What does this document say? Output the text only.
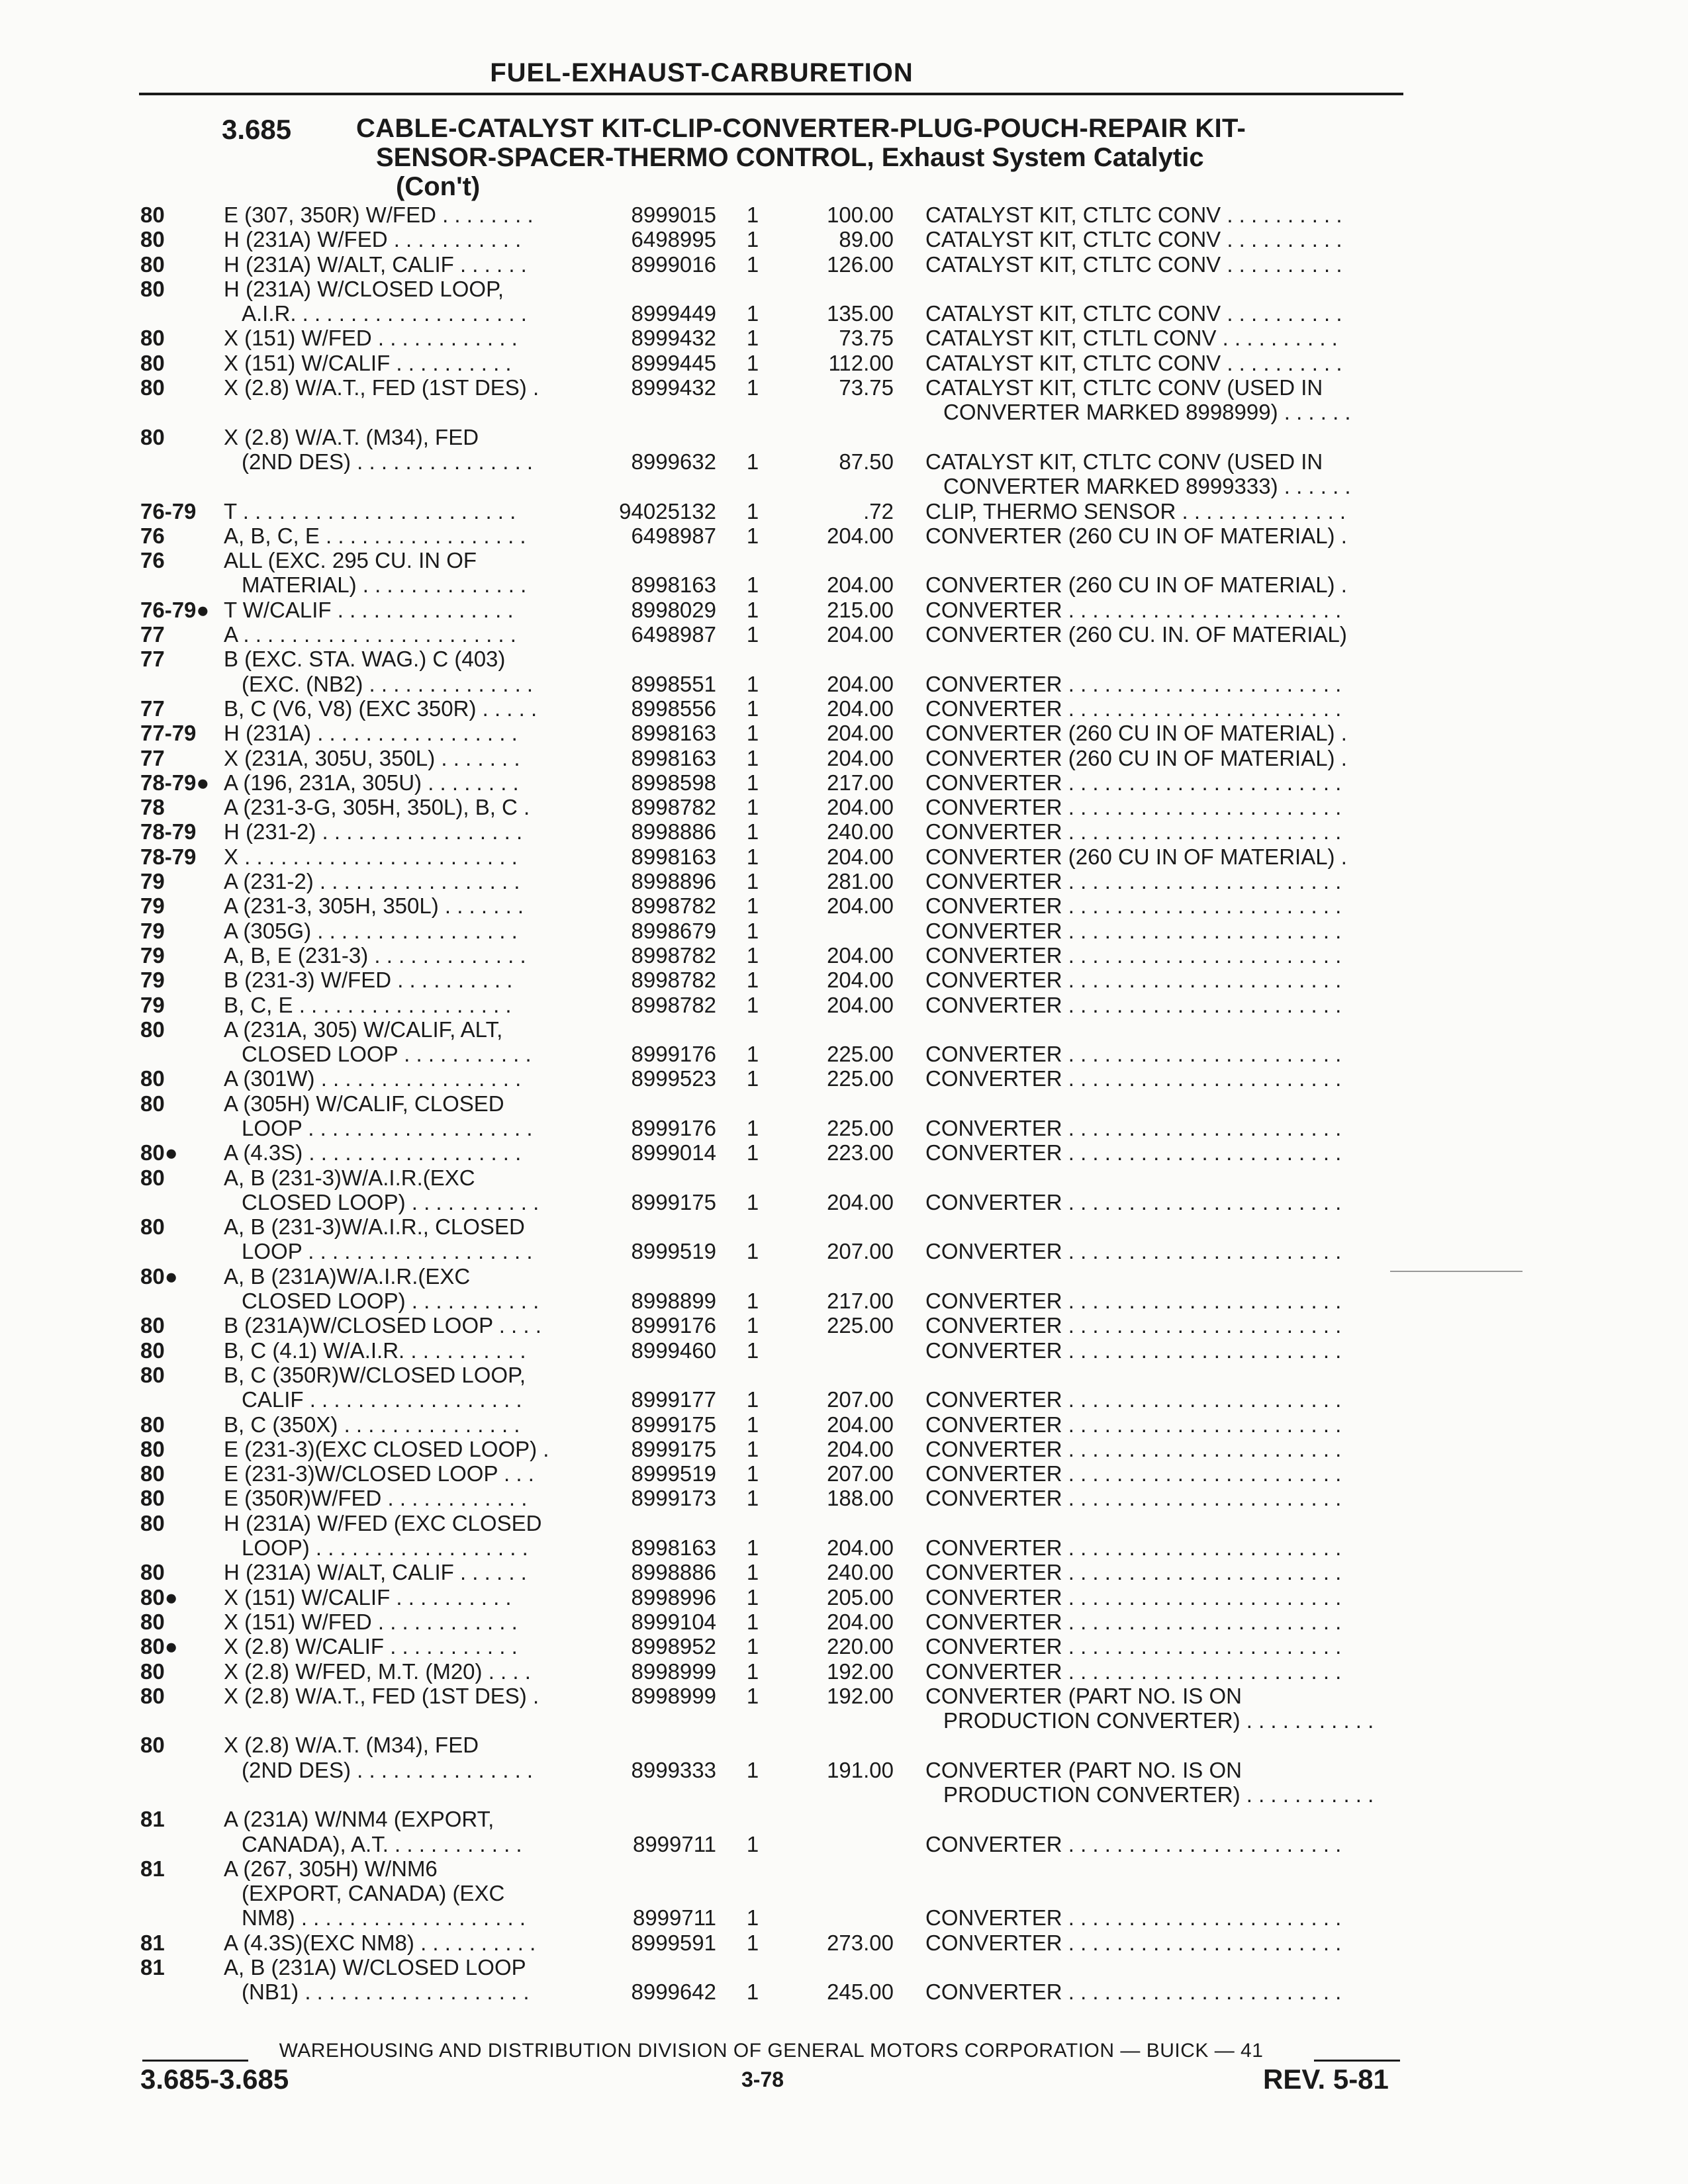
FUEL-EXHAUST-CARBURETION
3.685 CABLE-CATALYST KIT-CLIP-CONVERTER-PLUG-POUCH-REPAIR KIT-
SENSOR-SPACER-THERMO CONTROL, Exhaust System Catalytic
(Con't)
80	E (307, 350R) W/FED . . . . . . . .	8999015 1	100.00 CATALYST KIT, CTLTC CONV . . . . . . . . . .
80	H (231A) W/FED . . . . . . . . . . .	6498995 1	89.00 CATALYST KIT, CTLTC CONV . . . . . . . . . .
80	H (231A) W/ALT, CALIF . . . . . .	8999016 1	126.00 CATALYST KIT, CTLTC CONV . . . . . . . . . .
80	H (231A) W/CLOSED LOOP,
A.I.R. . . . . . . . . . . . . . . . . . . .	8999449 1	135.00 CATALYST KIT, CTLTC CONV . . . . . . . . . .
80	X (151) W/FED . . . . . . . . . . . .	8999432 1	73.75 CATALYST KIT, CTLTL CONV . . . . . . . . . .
80	X (151) W/CALIF . . . . . . . . . .	8999445 1	112.00 CATALYST KIT, CTLTC CONV . . . . . . . . . .
80	X (2.8) W/A.T., FED (1ST DES) .	8999432 1	73.75 CATALYST KIT, CTLTC CONV (USED IN
CONVERTER MARKED 8998999) . . . . . .
80	X (2.8) W/A.T. (M34), FED
(2ND DES) . . . . . . . . . . . . . . .	8999632 1	87.50 CATALYST KIT, CTLTC CONV (USED IN
CONVERTER MARKED 8999333) . . . . . .
76-79 T . . . . . . . . . . . . . . . . . . . . . . .	94025132 1	.72 CLIP, THERMO SENSOR . . . . . . . . . . . . . .
76	A, B, C, E . . . . . . . . . . . . . . . . .	6498987 1	204.00 CONVERTER (260 CU IN OF MATERIAL) .
76	ALL (EXC. 295 CU. IN OF
MATERIAL) . . . . . . . . . . . . . .	8998163 1	204.00 CONVERTER (260 CU IN OF MATERIAL) .
76-79● T W/CALIF . . . . . . . . . . . . . . .	8998029 1	215.00 CONVERTER . . . . . . . . . . . . . . . . . . . . . . .
77	A . . . . . . . . . . . . . . . . . . . . . . .	6498987 1	204.00 CONVERTER (260 CU. IN. OF MATERIAL)
77	B (EXC. STA. WAG.) C (403)
(EXC. (NB2) . . . . . . . . . . . . . .	8998551 1	204.00 CONVERTER . . . . . . . . . . . . . . . . . . . . . . .
77	B, C (V6, V8) (EXC 350R) . . . . .	8998556 1	204.00 CONVERTER . . . . . . . . . . . . . . . . . . . . . . .
77-79 H (231A) . . . . . . . . . . . . . . . . .	8998163 1	204.00 CONVERTER (260 CU IN OF MATERIAL) .
77	X (231A, 305U, 350L) . . . . . . .	8998163 1	204.00 CONVERTER (260 CU IN OF MATERIAL) .
78-79● A (196, 231A, 305U) . . . . . . . .	8998598 1	217.00 CONVERTER . . . . . . . . . . . . . . . . . . . . . . .
78	A (231-3-G, 305H, 350L), B, C .	8998782 1	204.00 CONVERTER . . . . . . . . . . . . . . . . . . . . . . .
78-79 H (231-2) . . . . . . . . . . . . . . . . .	8998886 1	240.00 CONVERTER . . . . . . . . . . . . . . . . . . . . . . .
78-79 X . . . . . . . . . . . . . . . . . . . . . . .	8998163 1	204.00 CONVERTER (260 CU IN OF MATERIAL) .
79	A (231-2) . . . . . . . . . . . . . . . . .	8998896 1	281.00 CONVERTER . . . . . . . . . . . . . . . . . . . . . . .
79	A (231-3, 305H, 350L) . . . . . . .	8998782 1	204.00 CONVERTER . . . . . . . . . . . . . . . . . . . . . . .
79	A (305G) . . . . . . . . . . . . . . . . .	8998679 1	CONVERTER . . . . . . . . . . . . . . . . . . . . . . .
79	A, B, E (231-3) . . . . . . . . . . . . .	8998782 1	204.00 CONVERTER . . . . . . . . . . . . . . . . . . . . . . .
79	B (231-3) W/FED . . . . . . . . . .	8998782 1	204.00 CONVERTER . . . . . . . . . . . . . . . . . . . . . . .
79	B, C, E . . . . . . . . . . . . . . . . . .	8998782 1	204.00 CONVERTER . . . . . . . . . . . . . . . . . . . . . . .
80	A (231A, 305) W/CALIF, ALT,
CLOSED LOOP . . . . . . . . . . .	8999176 1	225.00 CONVERTER . . . . . . . . . . . . . . . . . . . . . . .
80	A (301W) . . . . . . . . . . . . . . . . .	8999523 1	225.00 CONVERTER . . . . . . . . . . . . . . . . . . . . . . .
80	A (305H) W/CALIF, CLOSED
LOOP . . . . . . . . . . . . . . . . . . .	8999176 1	225.00 CONVERTER . . . . . . . . . . . . . . . . . . . . . . .
80● A (4.3S) . . . . . . . . . . . . . . . . . .	8999014 1	223.00 CONVERTER . . . . . . . . . . . . . . . . . . . . . . .
80	A, B (231-3)W/A.I.R.(EXC
CLOSED LOOP) . . . . . . . . . . .	8999175 1	204.00 CONVERTER . . . . . . . . . . . . . . . . . . . . . . .
80	A, B (231-3)W/A.I.R., CLOSED
LOOP . . . . . . . . . . . . . . . . . . .	8999519 1	207.00 CONVERTER . . . . . . . . . . . . . . . . . . . . . . .
80● A, B (231A)W/A.I.R.(EXC
CLOSED LOOP) . . . . . . . . . . .	8998899 1	217.00 CONVERTER . . . . . . . . . . . . . . . . . . . . . . .
80	B (231A)W/CLOSED LOOP . . . .	8999176 1	225.00 CONVERTER . . . . . . . . . . . . . . . . . . . . . . .
80	B, C (4.1) W/A.I.R. . . . . . . . . . .	8999460 1	CONVERTER . . . . . . . . . . . . . . . . . . . . . . .
80	B, C (350R)W/CLOSED LOOP,
CALIF . . . . . . . . . . . . . . . . . .	8999177 1	207.00 CONVERTER . . . . . . . . . . . . . . . . . . . . . . .
80	B, C (350X) . . . . . . . . . . . . . . .	8999175 1	204.00 CONVERTER . . . . . . . . . . . . . . . . . . . . . . .
80	E (231-3)(EXC CLOSED LOOP) .	8999175 1	204.00 CONVERTER . . . . . . . . . . . . . . . . . . . . . . .
80	E (231-3)W/CLOSED LOOP . . .	8999519 1	207.00 CONVERTER . . . . . . . . . . . . . . . . . . . . . . .
80	E (350R)W/FED . . . . . . . . . . . .	8999173 1	188.00 CONVERTER . . . . . . . . . . . . . . . . . . . . . . .
80	H (231A) W/FED (EXC CLOSED
LOOP) . . . . . . . . . . . . . . . . . .	8998163 1	204.00 CONVERTER . . . . . . . . . . . . . . . . . . . . . . .
80	H (231A) W/ALT, CALIF . . . . . .	8998886 1	240.00 CONVERTER . . . . . . . . . . . . . . . . . . . . . . .
80● X (151) W/CALIF . . . . . . . . . .	8998996 1	205.00 CONVERTER . . . . . . . . . . . . . . . . . . . . . . .
80	X (151) W/FED . . . . . . . . . . . .	8999104 1	204.00 CONVERTER . . . . . . . . . . . . . . . . . . . . . . .
80● X (2.8) W/CALIF . . . . . . . . . . .	8998952 1	220.00 CONVERTER . . . . . . . . . . . . . . . . . . . . . . .
80	X (2.8) W/FED, M.T. (M20) . . . .	8998999 1	192.00 CONVERTER . . . . . . . . . . . . . . . . . . . . . . .
80	X (2.8) W/A.T., FED (1ST DES) .	8998999 1	192.00 CONVERTER (PART NO. IS ON
PRODUCTION CONVERTER) . . . . . . . . . . .
80	X (2.8) W/A.T. (M34), FED
(2ND DES) . . . . . . . . . . . . . . .	8999333 1	191.00 CONVERTER (PART NO. IS ON
PRODUCTION CONVERTER) . . . . . . . . . . .
81	A (231A) W/NM4 (EXPORT,
CANADA), A.T. . . . . . . . . . . .	8999711 1	CONVERTER . . . . . . . . . . . . . . . . . . . . . . .
81	A (267, 305H) W/NM6
(EXPORT, CANADA) (EXC
NM8) . . . . . . . . . . . . . . . . . . .	8999711 1	CONVERTER . . . . . . . . . . . . . . . . . . . . . . .
81	A (4.3S)(EXC NM8) . . . . . . . . . .	8999591 1	273.00 CONVERTER . . . . . . . . . . . . . . . . . . . . . . .
81	A, B (231A) W/CLOSED LOOP
(NB1) . . . . . . . . . . . . . . . . . . .	8999642 1	245.00 CONVERTER . . . . . . . . . . . . . . . . . . . . . . .
WAREHOUSING AND DISTRIBUTION DIVISION OF GENERAL MOTORS CORPORATION — BUICK — 41
3.685-3.685	3-78	REV. 5-81
